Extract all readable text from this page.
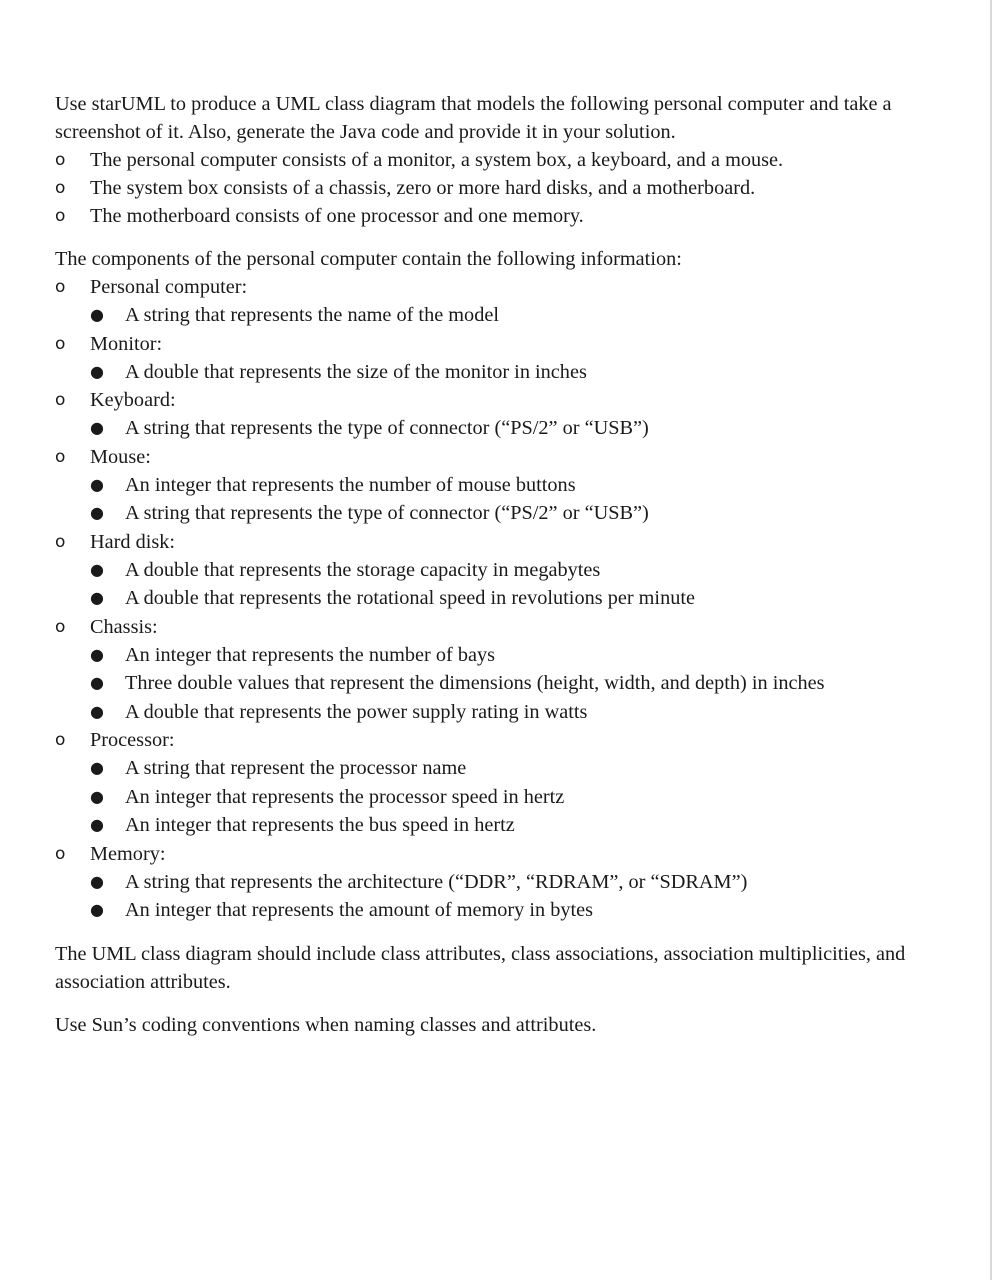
Use starUML to produce a UML class diagram that models the following personal computer and take a screenshot of it. Also, generate the Java code and provide it in your solution.

o The personal computer consists of a monitor, a system box, a keyboard, and a mouse.
o The system box consists of a chassis, zero or more hard disks, and a motherboard.
o The motherboard consists of one processor and one memory.

The components of the personal computer contain the following information:

o Personal computer:
● A string that represents the name of the model
o Monitor:
● A double that represents the size of the monitor in inches
o Keyboard:
● A string that represents the type of connector (“PS/2” or “USB”)
o Mouse:
● An integer that represents the number of mouse buttons
● A string that represents the type of connector (“PS/2” or “USB”)
o Hard disk:
● A double that represents the storage capacity in megabytes
● A double that represents the rotational speed in revolutions per minute
o Chassis:
● An integer that represents the number of bays
● Three double values that represent the dimensions (height, width, and depth) in inches
● A double that represents the power supply rating in watts
o Processor:
● A string that represent the processor name
● An integer that represents the processor speed in hertz
● An integer that represents the bus speed in hertz
o Memory:
● A string that represents the architecture (“DDR”, “RDRAM”, or “SDRAM”)
● An integer that represents the amount of memory in bytes

The UML class diagram should include class attributes, class associations, association multiplicities, and association attributes.

Use Sun’s coding conventions when naming classes and attributes.
